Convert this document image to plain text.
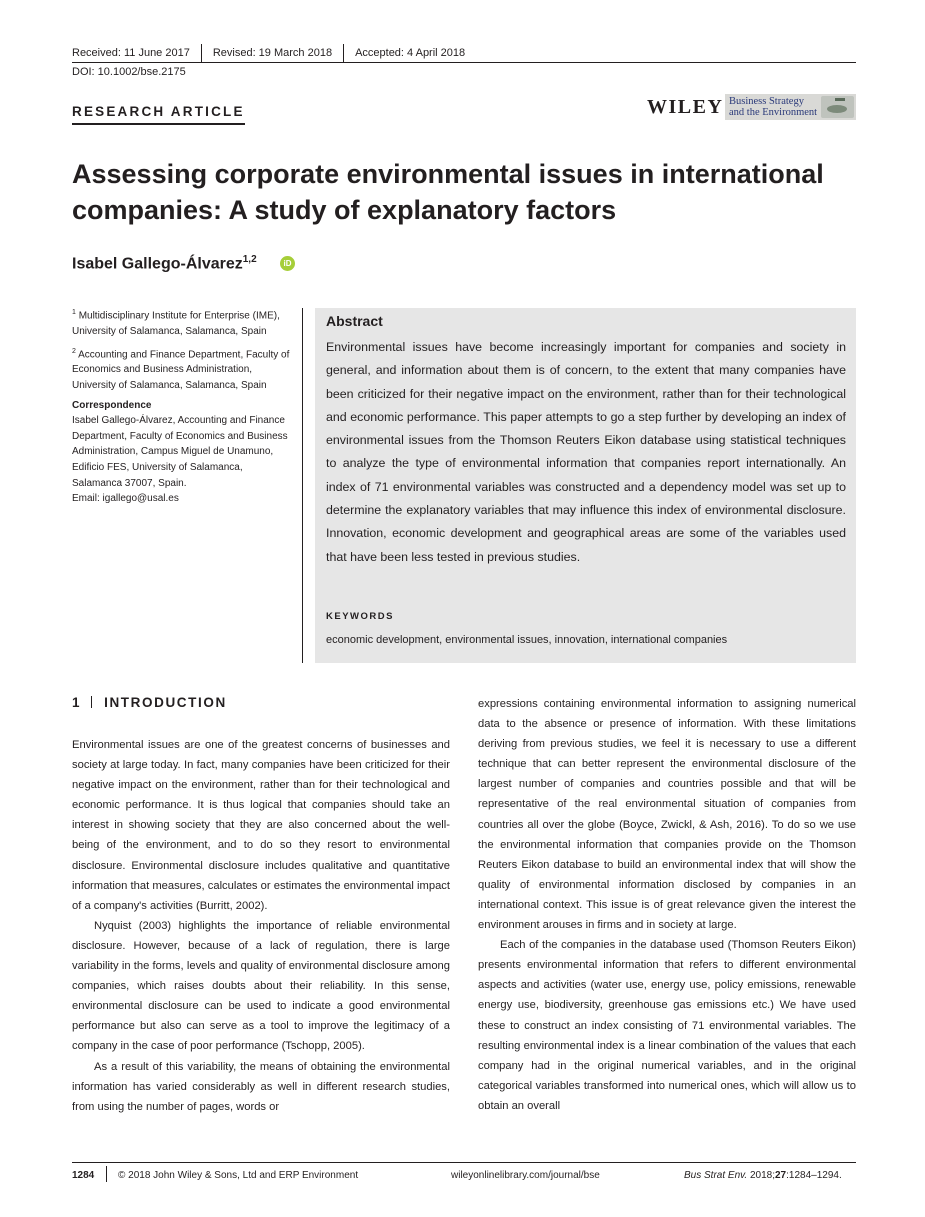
Received: 11 June 2017 Revised: 19 March 2018 Accepted: 4 April 2018
DOI: 10.1002/bse.2175
RESEARCH ARTICLE	WILEY Business Strategy
and the Environment
Assessing corporate environmental issues in international companies: A study of explanatory factors
Isabel Gallego-Álvarez$^{1,2}$	iD

$^1$ Multidisciplinary Institute for Enterprise (IME), University of Salamanca, Salamanca, Spain

$^2$ Accounting and Finance Department, Faculty of Economics and Business Administration, University of Salamanca, Salamanca, Spain

Correspondence

Isabel Gallego-Álvarez, Accounting and Finance Department, Faculty of Economics and Business Administration, Campus Miguel de Unamuno, Edificio FES, University of Salamanca, Salamanca 37007, Spain.

Email: igallego@usal.es

Abstract
Environmental issues have become increasingly important for companies and society in general, and information about them is of concern, to the extent that many companies have been criticized for their negative impact on the environment, rather than for their technological and economic performance. This paper attempts to go a step further by developing an index of environmental issues from the Thomson Reuters Eikon database using statistical techniques to analyze the type of environmental information that companies report internationally. An index of 71 environmental variables was constructed and a dependency model was set up to determine the explanatory variables that may influence this index of environmental disclosure. Innovation, economic development and geographical areas are some of the variables used that have been less tested in previous studies.
KEYWORDS
economic development, environmental issues, innovation, international companies
1 INTRODUCTION

Environmental issues are one of the greatest concerns of businesses and society at large today. In fact, many companies have been criticized for their negative impact on the environment, rather than for their technological and economic performance. It is thus logical that companies should take an interest in showing society that they are also concerned about the well-being of the environment, and to do so they resort to environmental disclosure. Environmental disclosure includes qualitative and quantitative information that measures, calculates or estimates the environmental impact of a company's activities (Burritt, 2002).

Nyquist (2003) highlights the importance of reliable environmental disclosure. However, because of a lack of regulation, there is large variability in the forms, levels and quality of environmental disclosure among companies, which raises doubts about their reliability. In this sense, environmental disclosure can be used to indicate a good environmental performance but also can serve as a tool to improve the legitimacy of a company in the case of poor performance (Tschopp, 2005).

As a result of this variability, the means of obtaining the environmental information has varied considerably as well in different research studies, from using the number of pages, words or

expressions containing environmental information to assigning numerical data to the absence or presence of information. With these limitations deriving from previous studies, we feel it is necessary to use a different technique that can better represent the environmental disclosure of the largest number of companies and countries possible and that will be representative of the real environmental situation of companies from countries all over the globe (Boyce, Zwickl, & Ash, 2016). To do so we use the environmental information that companies provide on the Thomson Reuters Eikon database to build an environmental index that will show the quality of environmental information disclosed by companies in an international context. This issue is of great relevance given the interest the environment arouses in firms and in society at large.

Each of the companies in the database used (Thomson Reuters Eikon) presents environmental information that refers to different environmental aspects and activities (water use, energy use, policy emissions, renewable energy use, biodiversity, greenhouse gas emissions etc.) We have used these to construct an index consisting of 71 environmental variables. The resulting environmental index is a linear combination of the values that each company had in the original numerical variables, and in the original categorical variables transformed into numerical ones, which will allow us to obtain an overall

1284 © 2018 John Wiley & Sons, Ltd and ERP Environment	wileyonlinelibrary.com/journal/bse	Bus Strat Env. 2018;27:1284–1294.
